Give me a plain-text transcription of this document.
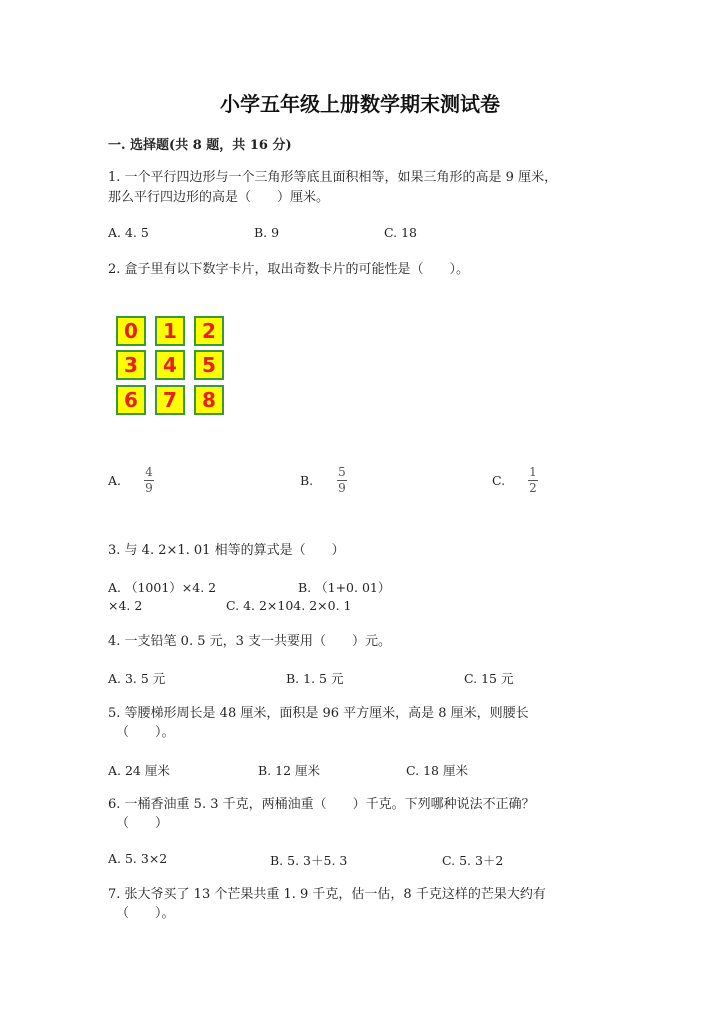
小学五年级上册数学期末测试卷
一. 选择题(共 8 题，共 16 分)
1. 一个平行四边形与一个三角形等底且面积相等，如果三角形的高是 9 厘米，
那么平行四边形的高是（　　）厘米。
A. 4. 5	B. 9	C. 18
2. 盒子里有以下数字卡片，取出奇数卡片的可能性是（　　）。
0	1	2
3	4	5
6	7	8
A.
4
9	B.
5
9	C.
1
2
3. 与 4. 2×1. 01 相等的算式是（　　）
A. （1001）×4. 2	B. （1+0. 01）
×4. 2	C. 4. 2×104. 2×0. 1
4. 一支铅笔 0. 5 元，3 支一共要用（　　）元。
A. 3. 5 元	B. 1. 5 元	C. 15 元
5. 等腰梯形周长是 48 厘米，面积是 96 平方厘米，高是 8 厘米，则腰长
（　　）。
A. 24 厘米	B. 12 厘米	C. 18 厘米
6. 一桶香油重 5. 3 千克，两桶油重（　　）千克。下列哪种说法不正确？
（　　）
A. 5. 3×2	B. 5. 3＋5. 3	C. 5. 3＋2
7. 张大爷买了 13 个芒果共重 1. 9 千克，估一估，8 千克这样的芒果大约有
（　　）。
